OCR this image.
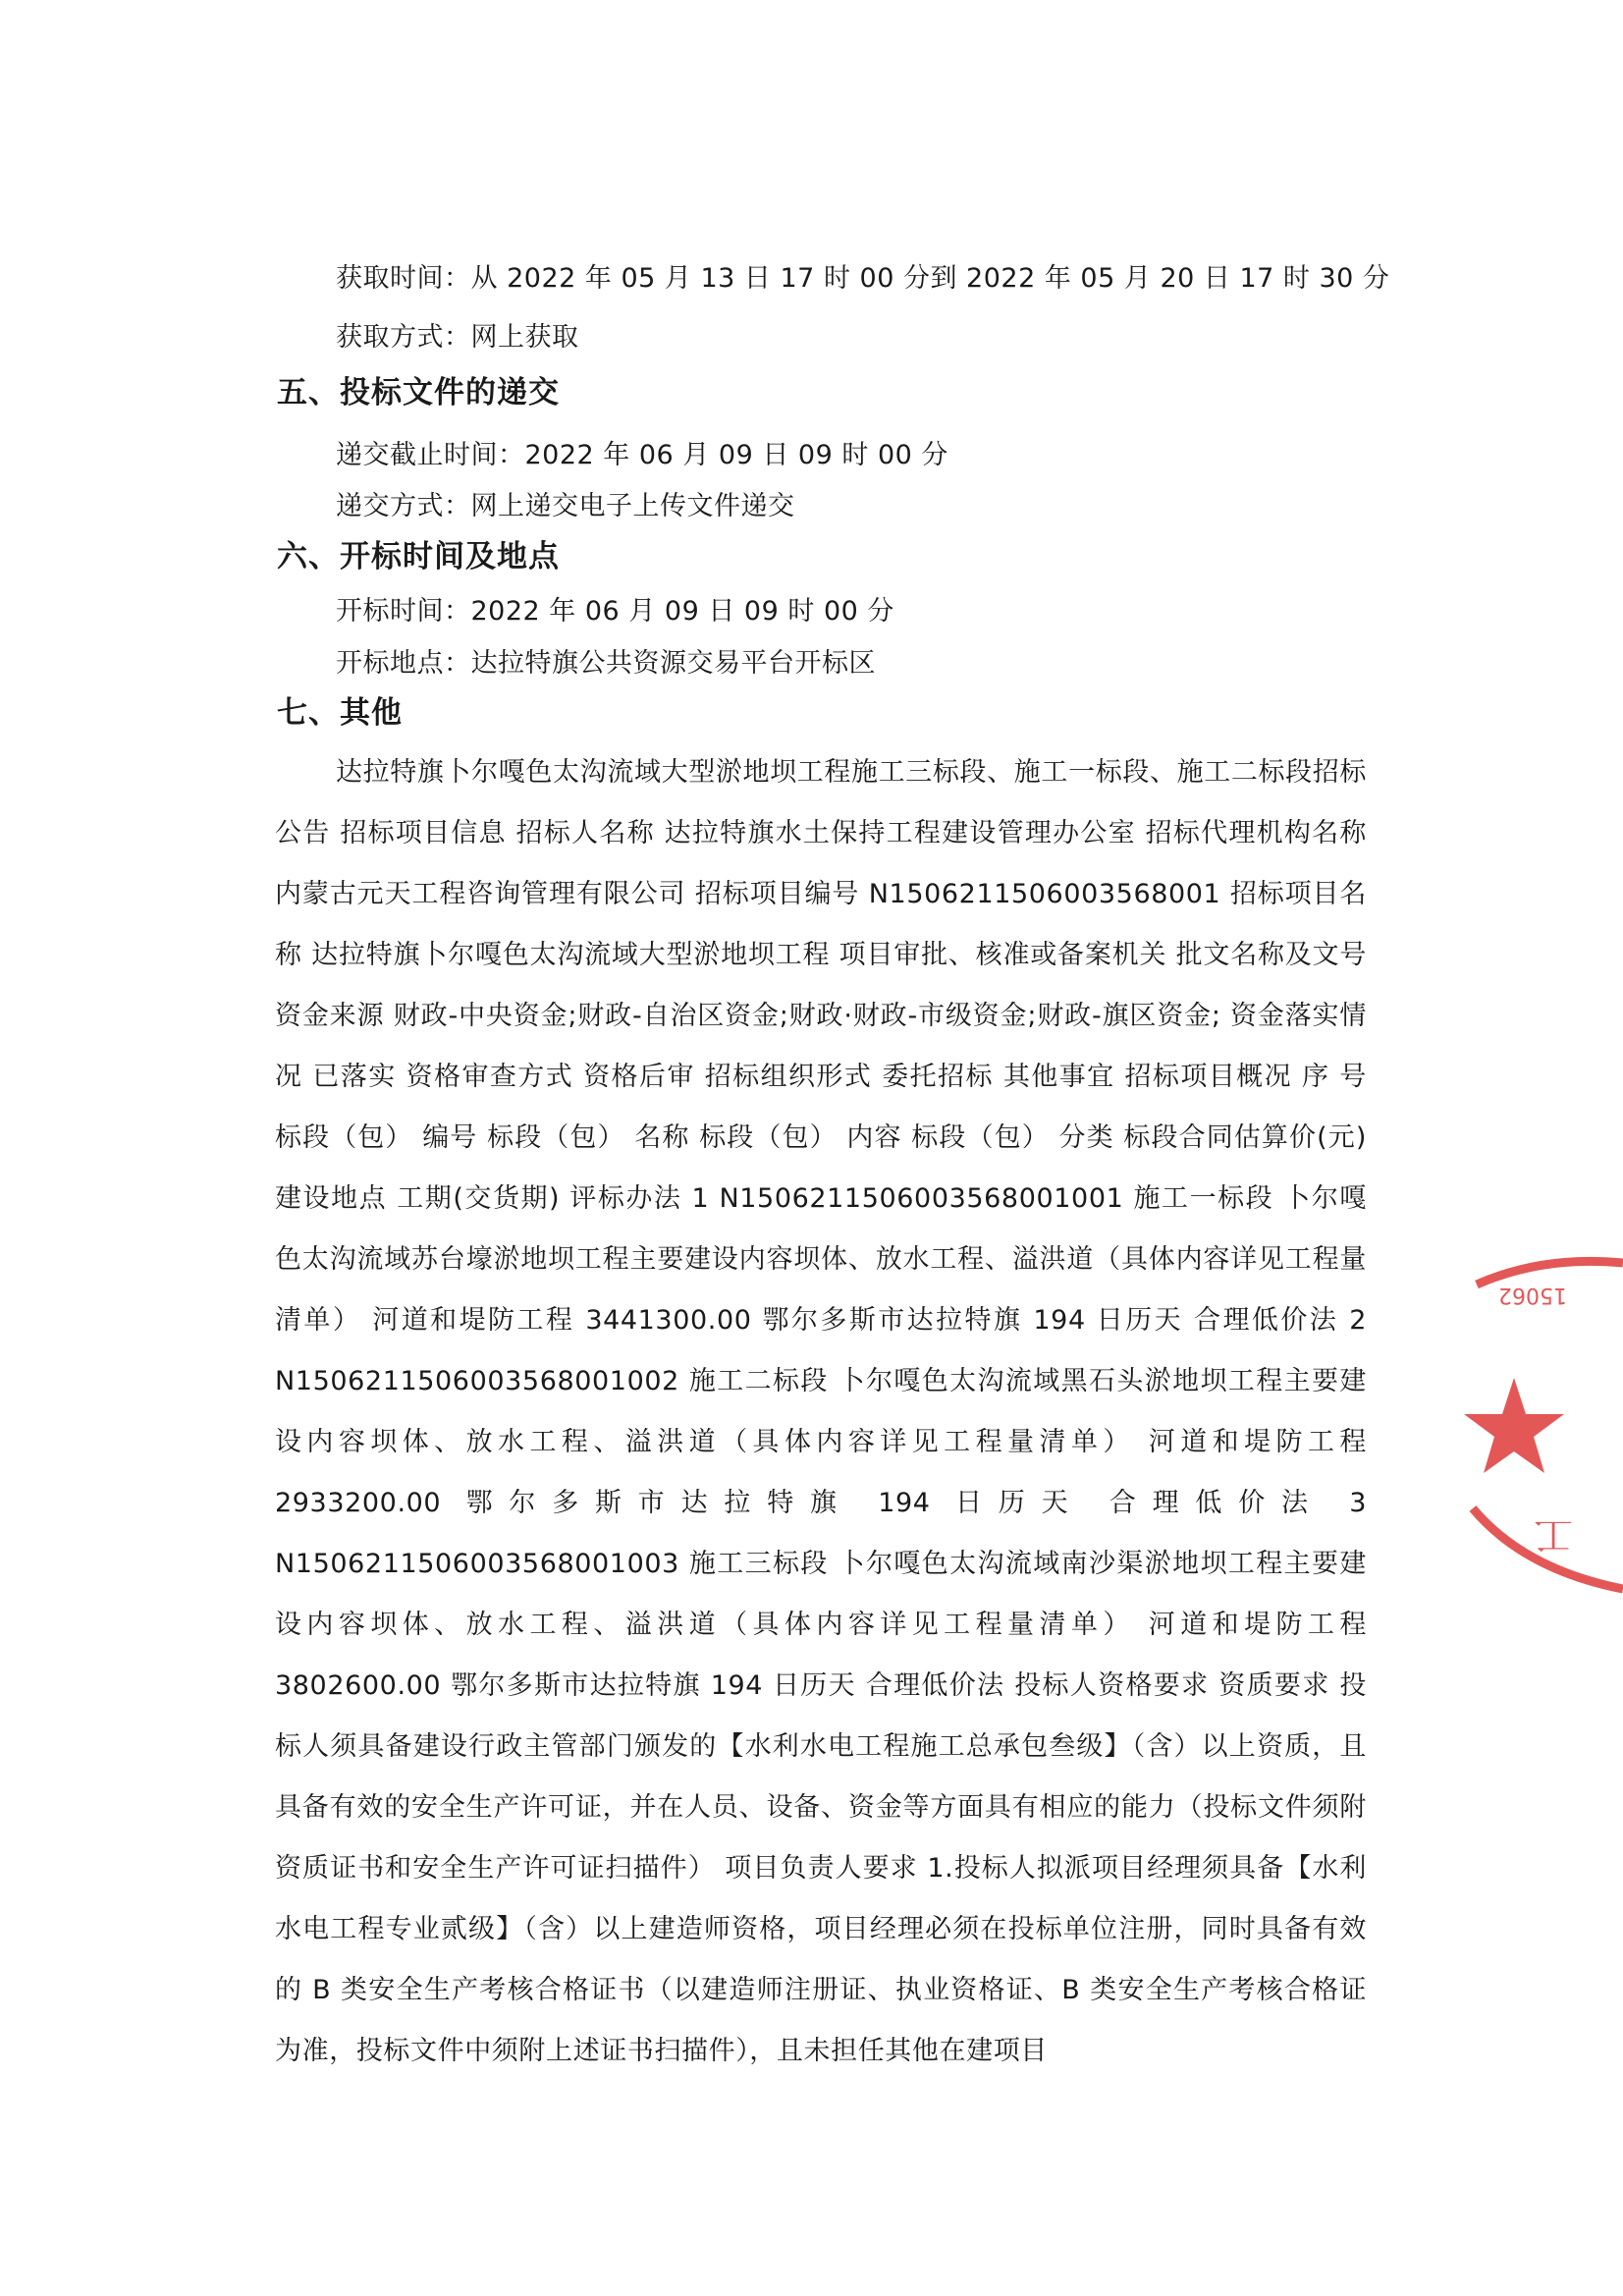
获取时间：从 2022 年 05 月 13 日 17 时 00 分到 2022 年 05 月 20 日 17 时 30 分
获取方式：网上获取
五、投标文件的递交
递交截止时间：2022 年 06 月 09 日 09 时 00 分
递交方式：网上递交电子上传文件递交
六、开标时间及地点
开标时间：2022 年 06 月 09 日 09 时 00 分
开标地点：达拉特旗公共资源交易平台开标区
七、其他

达拉特旗卜尔嘎色太沟流域大型淤地坝工程施工三标段、施工一标段、施工二标段招标公告 招标项目信息 招标人名称 达拉特旗水土保持工程建设管理办公室 招标代理机构名称 内蒙古元天工程咨询管理有限公司 招标项目编号 N1506211506003568001 招标项目名称 达拉特旗卜尔嘎色太沟流域大型淤地坝工程 项目审批、核准或备案机关 批文名称及文号 资金来源 财政-中央资金;财政-自治区资金;财政·财政-市级资金;财政-旗区资金; 资金落实情况 已落实 资格审查方式 资格后审 招标组织形式 委托招标 其他事宜 招标项目概况 序 号 标段（包） 编号 标段（包） 名称 标段（包） 内容 标段（包） 分类 标段合同估算价(元) 建设地点 工期(交货期) 评标办法 1 N1506211506003568001001 施工一标段 卜尔嘎色太沟流域苏台壕淤地坝工程主要建设内容坝体、放水工程、溢洪道（具体内容详见工程量清单） 河道和堤防工程 3441300.00 鄂尔多斯市达拉特旗 194 日历天 合理低价法 2 N1506211506003568001002 施工二标段 卜尔嘎色太沟流域黑石头淤地坝工程主要建设内容坝体、放水工程、溢洪道（具体内容详见工程量清单） 河道和堤防工程 2933200.00 鄂尔多斯市达拉特旗 194 日历天 合理低价法 3 N1506211506003568001003 施工三标段 卜尔嘎色太沟流域南沙渠淤地坝工程主要建设内容坝体、放水工程、溢洪道（具体内容详见工程量清单） 河道和堤防工程 3802600.00 鄂尔多斯市达拉特旗 194 日历天 合理低价法 投标人资格要求 资质要求 投标人须具备建设行政主管部门颁发的【水利水电工程施工总承包叁级】（含）以上资质，且具备有效的安全生产许可证，并在人员、设备、资金等方面具有相应的能力（投标文件须附资质证书和安全生产许可证扫描件） 项目负责人要求 1.投标人拟派项目经理须具备【水利水电工程专业贰级】（含）以上建造师资格，项目经理必须在投标单位注册，同时具备有效的 B 类安全生产考核合格证书（以建造师注册证、执业资格证、B 类安全生产考核合格证为准，投标文件中须附上述证书扫描件），且未担任其他在建项目

15062
工
